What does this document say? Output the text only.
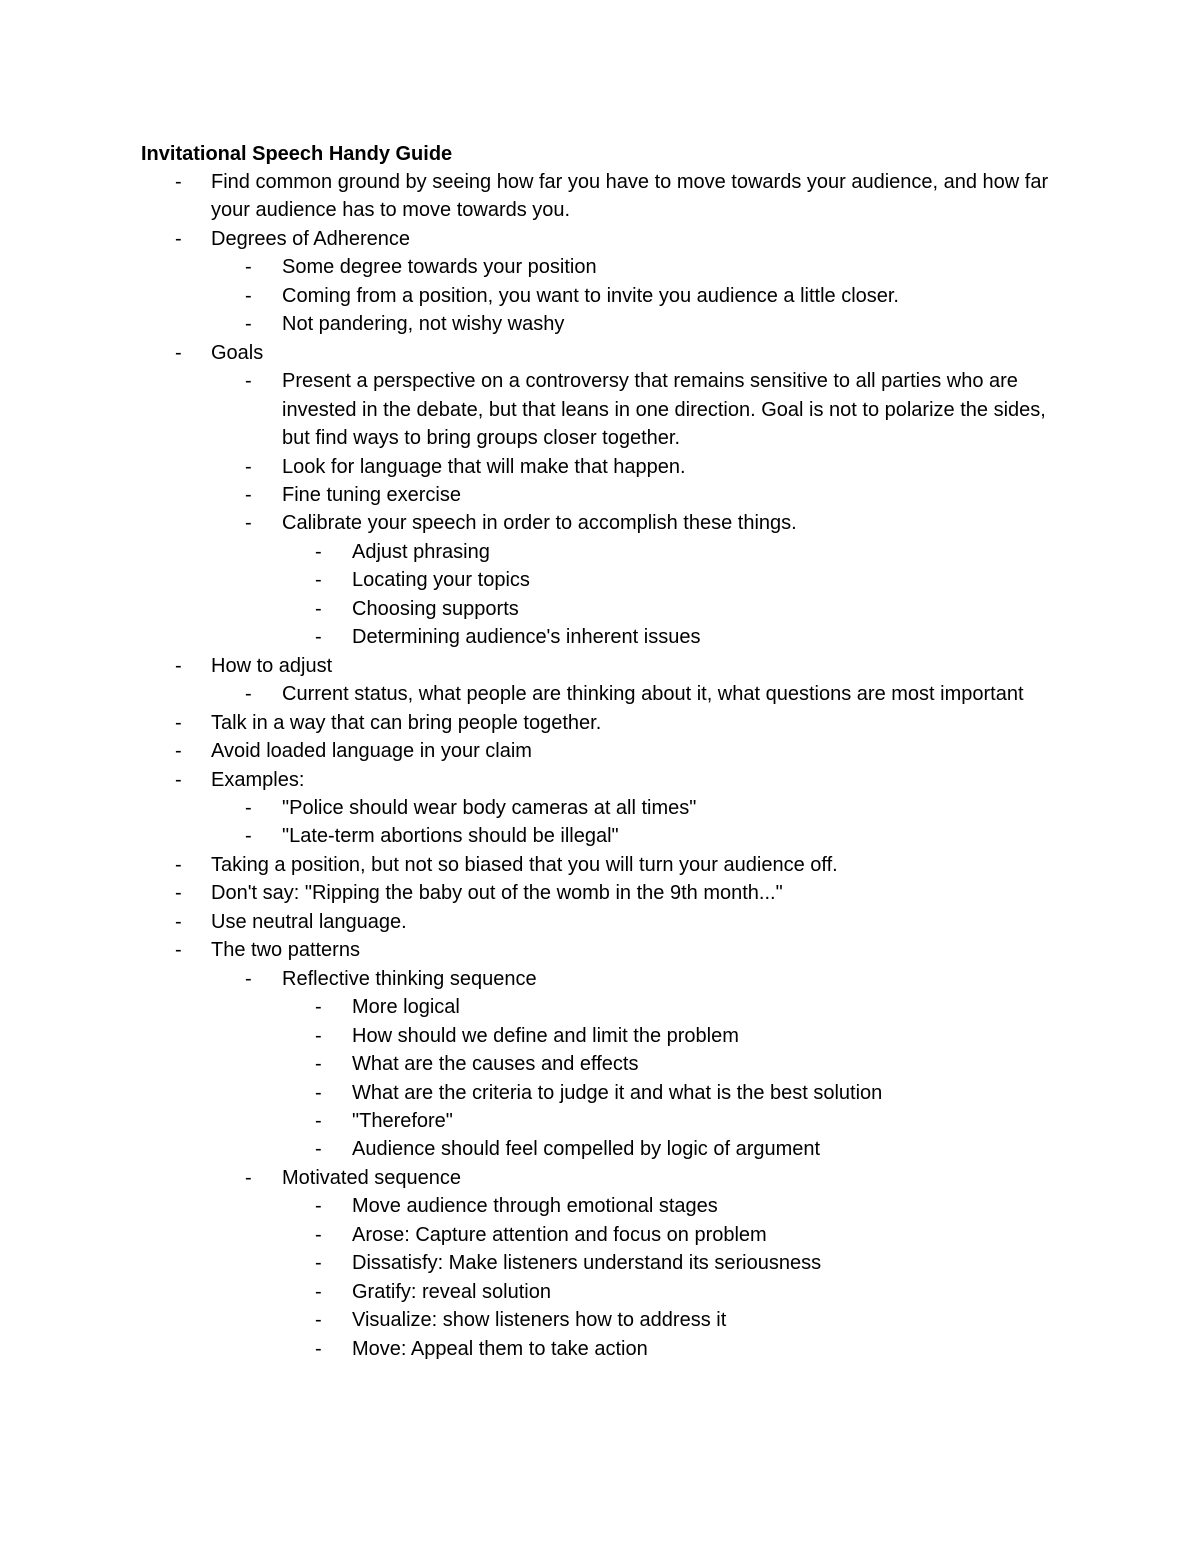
Invitational Speech Handy Guide
- Find common ground by seeing how far you have to move towards your audience, and how far your audience has to move towards you.
- Degrees of Adherence
- Some degree towards your position
- Coming from a position, you want to invite you audience a little closer.
- Not pandering, not wishy washy
- Goals
- Present a perspective on a controversy that remains sensitive to all parties who are invested in the debate, but that leans in one direction. Goal is not to polarize the sides, but find ways to bring groups closer together.
- Look for language that will make that happen.
- Fine tuning exercise
- Calibrate your speech in order to accomplish these things.
- Adjust phrasing
- Locating your topics
- Choosing supports
- Determining audience's inherent issues
- How to adjust
- Current status, what people are thinking about it, what questions are most important
- Talk in a way that can bring people together.
- Avoid loaded language in your claim
- Examples:
- "Police should wear body cameras at all times"
- "Late-term abortions should be illegal"
- Taking a position, but not so biased that you will turn your audience off.
- Don't say: "Ripping the baby out of the womb in the 9th month..."
- Use neutral language.
- The two patterns
- Reflective thinking sequence
- More logical
- How should we define and limit the problem
- What are the causes and effects
- What are the criteria to judge it and what is the best solution
- "Therefore"
- Audience should feel compelled by logic of argument
- Motivated sequence
- Move audience through emotional stages
- Arose: Capture attention and focus on problem
- Dissatisfy: Make listeners understand its seriousness
- Gratify: reveal solution
- Visualize: show listeners how to address it
- Move: Appeal them to take action
